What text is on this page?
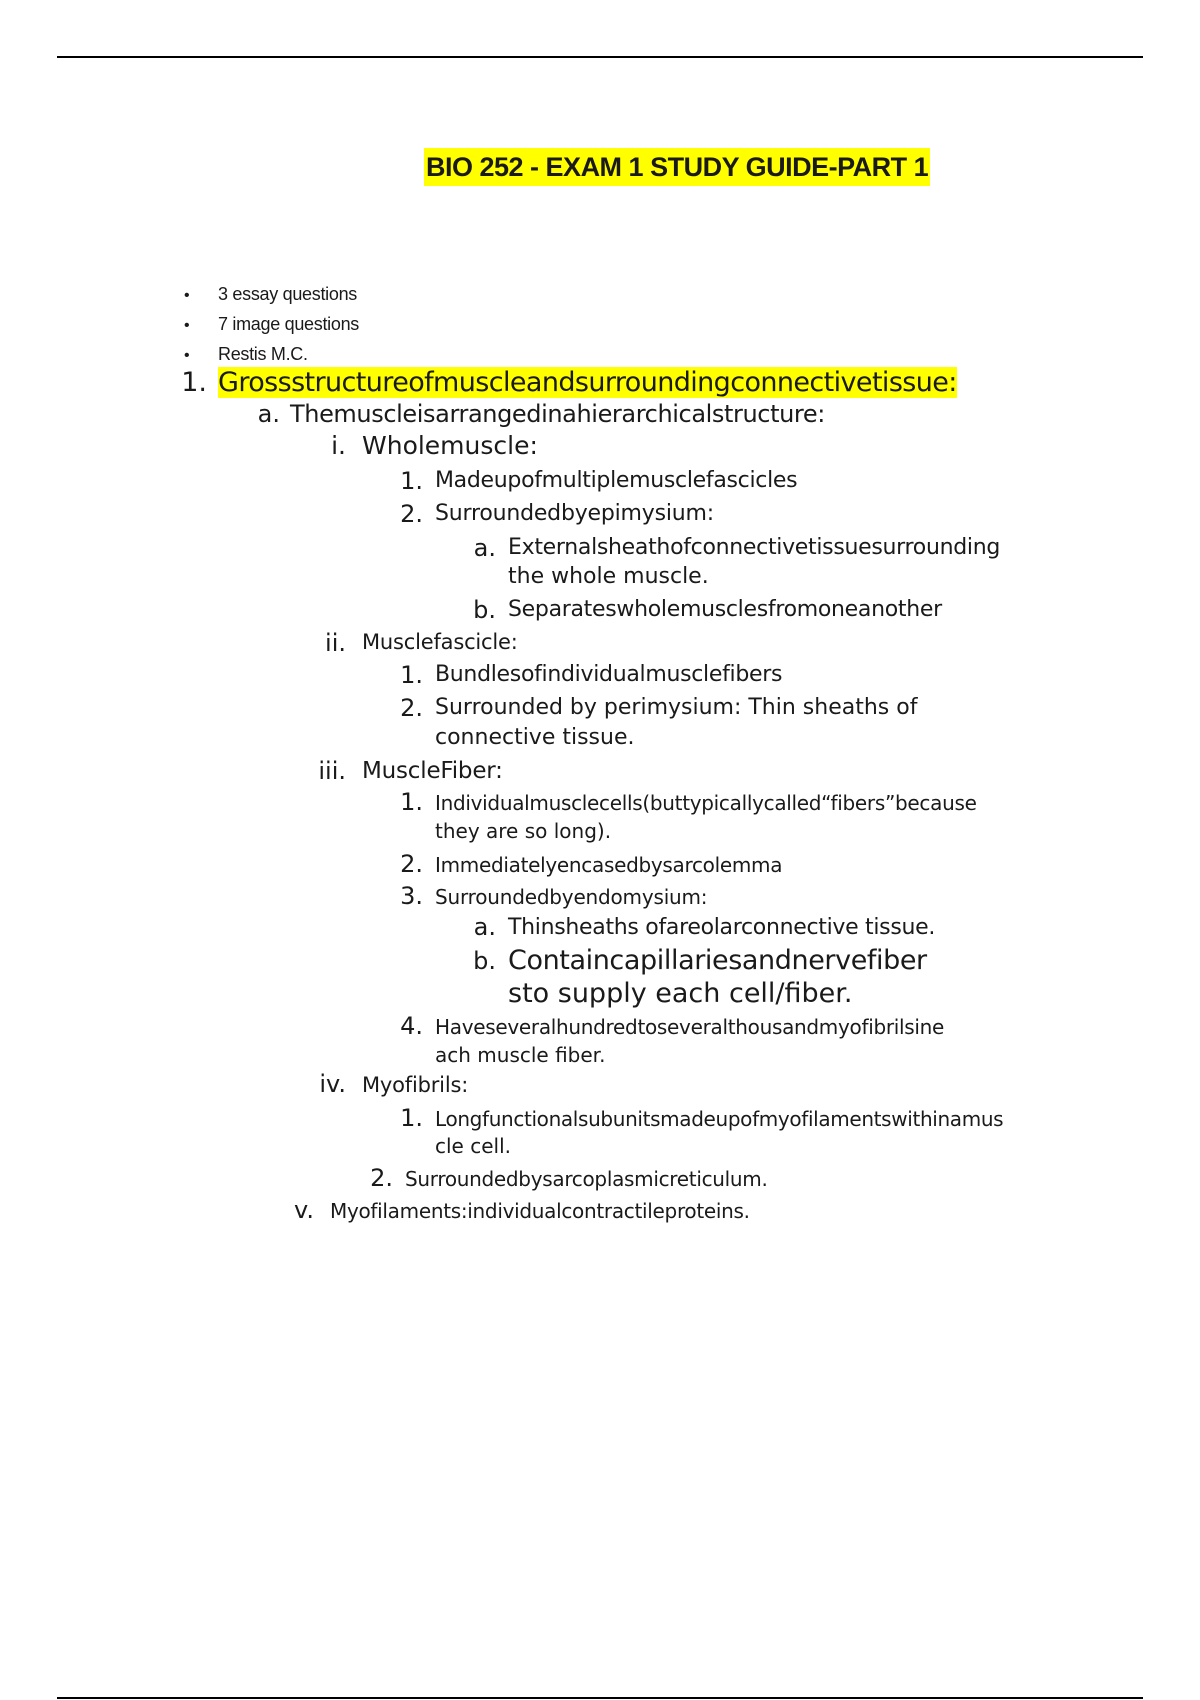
BIO 252 - EXAM 1 STUDY GUIDE-PART 1
• 3 essay questions
• 7 image questions
• Restis M.C.
1. Grossstructureofmuscleandsurroundingconnectivetissue:
a. Themuscleisarrangedinahierarchicalstructure:
i. Wholemuscle:
1. Madeupofmultiplemusclefascicles
2. Surroundedbyepimysium:
a. Externalsheathofconnectivetissuesurrounding
the whole muscle.
b. Separateswholemusclesfromoneanother
ii. Musclefascicle:
1. Bundlesofindividualmusclefibers
2. Surrounded by perimysium: Thin sheaths of
connective tissue.
iii. MuscleFiber:
1. Individualmusclecells(buttypicallycalled“fibers”because
they are so long).
2. Immediatelyencasedbysarcolemma
3. Surroundedbyendomysium:
a. Thinsheaths ofareolarconnective tissue.
b. Containcapillariesandnervefiber
sto supply each cell/fiber.
4. Haveseveralhundredtoseveralthousandmyofibrilsine
ach muscle fiber.
iv. Myofibrils:
1. Longfunctionalsubunitsmadeupofmyofilamentswithinamus
cle cell.
2. Surroundedbysarcoplasmicreticulum.
v. Myofilaments:individualcontractileproteins.
